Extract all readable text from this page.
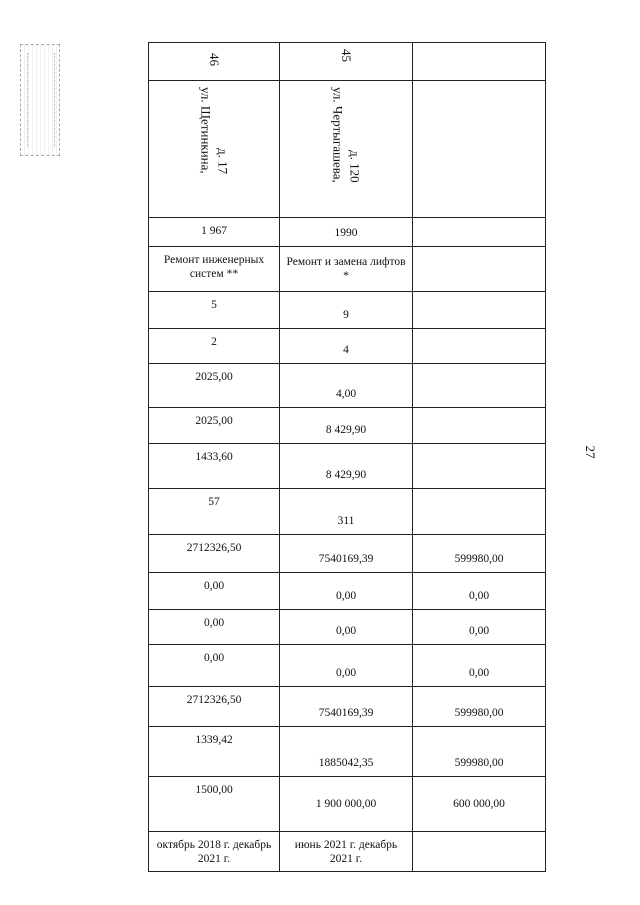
27
46	45	
ул. Щетинкина, д. 17	ул. Чертыгашева, д. 120	
1 967	1990	
Ремонт инженерных систем **	Ремонт и замена лифтов *	
5	9	
2	4	
2025,00	4,00	
2025,00	8 429,90	
1433,60	8 429,90	
57	311	
2712326,50	7540169,39	599980,00
0,00	0,00	0,00
0,00	0,00	0,00
0,00	0,00	0,00
2712326,50	7540169,39	599980,00
1339,42	1885042,35	599980,00
1500,00	1 900 000,00	600 000,00
октябрь 2018 г. декабрь 2021 г.	июнь 2021 г. декабрь 2021 г.	
